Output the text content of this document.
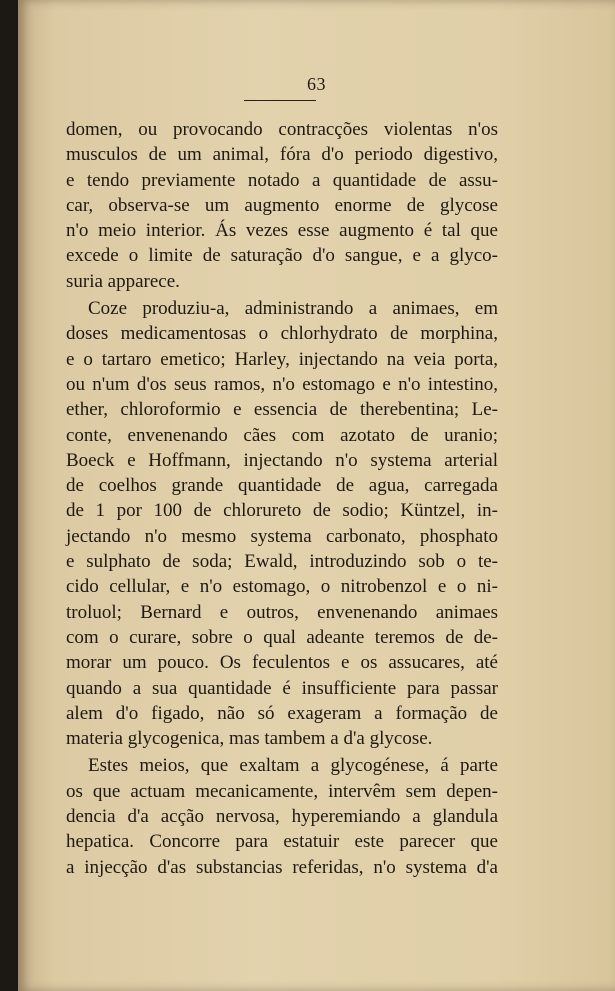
63
domen, ou provocando contracções violentas n'os
musculos de um animal, fóra d'o periodo digestivo,
e tendo previamente notado a quantidade de assu-
car, observa-se um augmento enorme de glycose
n'o meio interior. Ás vezes esse augmento é tal que
excede o limite de saturação d'o sangue, e a glyco-
suria apparece.
Coze produziu-a, administrando a animaes, em
doses medicamentosas o chlorhydrato de morphina,
e o tartaro emetico; Harley, injectando na veia porta,
ou n'um d'os seus ramos, n'o estomago e n'o intestino,
ether, chloroformio e essencia de therebentina; Le-
conte, envenenando cães com azotato de uranio;
Boeck e Hoffmann, injectando n'o systema arterial
de coelhos grande quantidade de agua, carregada
de 1 por 100 de chlorureto de sodio; Küntzel, in-
jectando n'o mesmo systema carbonato, phosphato
e sulphato de soda; Ewald, introduzindo sob o te-
cido cellular, e n'o estomago, o nitrobenzol e o ni-
troluol; Bernard e outros, envenenando animaes
com o curare, sobre o qual adeante teremos de de-
morar um pouco. Os feculentos e os assucares, até
quando a sua quantidade é insufficiente para passar
alem d'o figado, não só exageram a formação de
materia glycogenica, mas tambem a d'a glycose.
Estes meios, que exaltam a glycogénese, á parte
os que actuam mecanicamente, intervêm sem depen-
dencia d'a acção nervosa, hyperemiando a glandula
hepatica. Concorre para estatuir este parecer que
a injecção d'as substancias referidas, n'o systema d'a
